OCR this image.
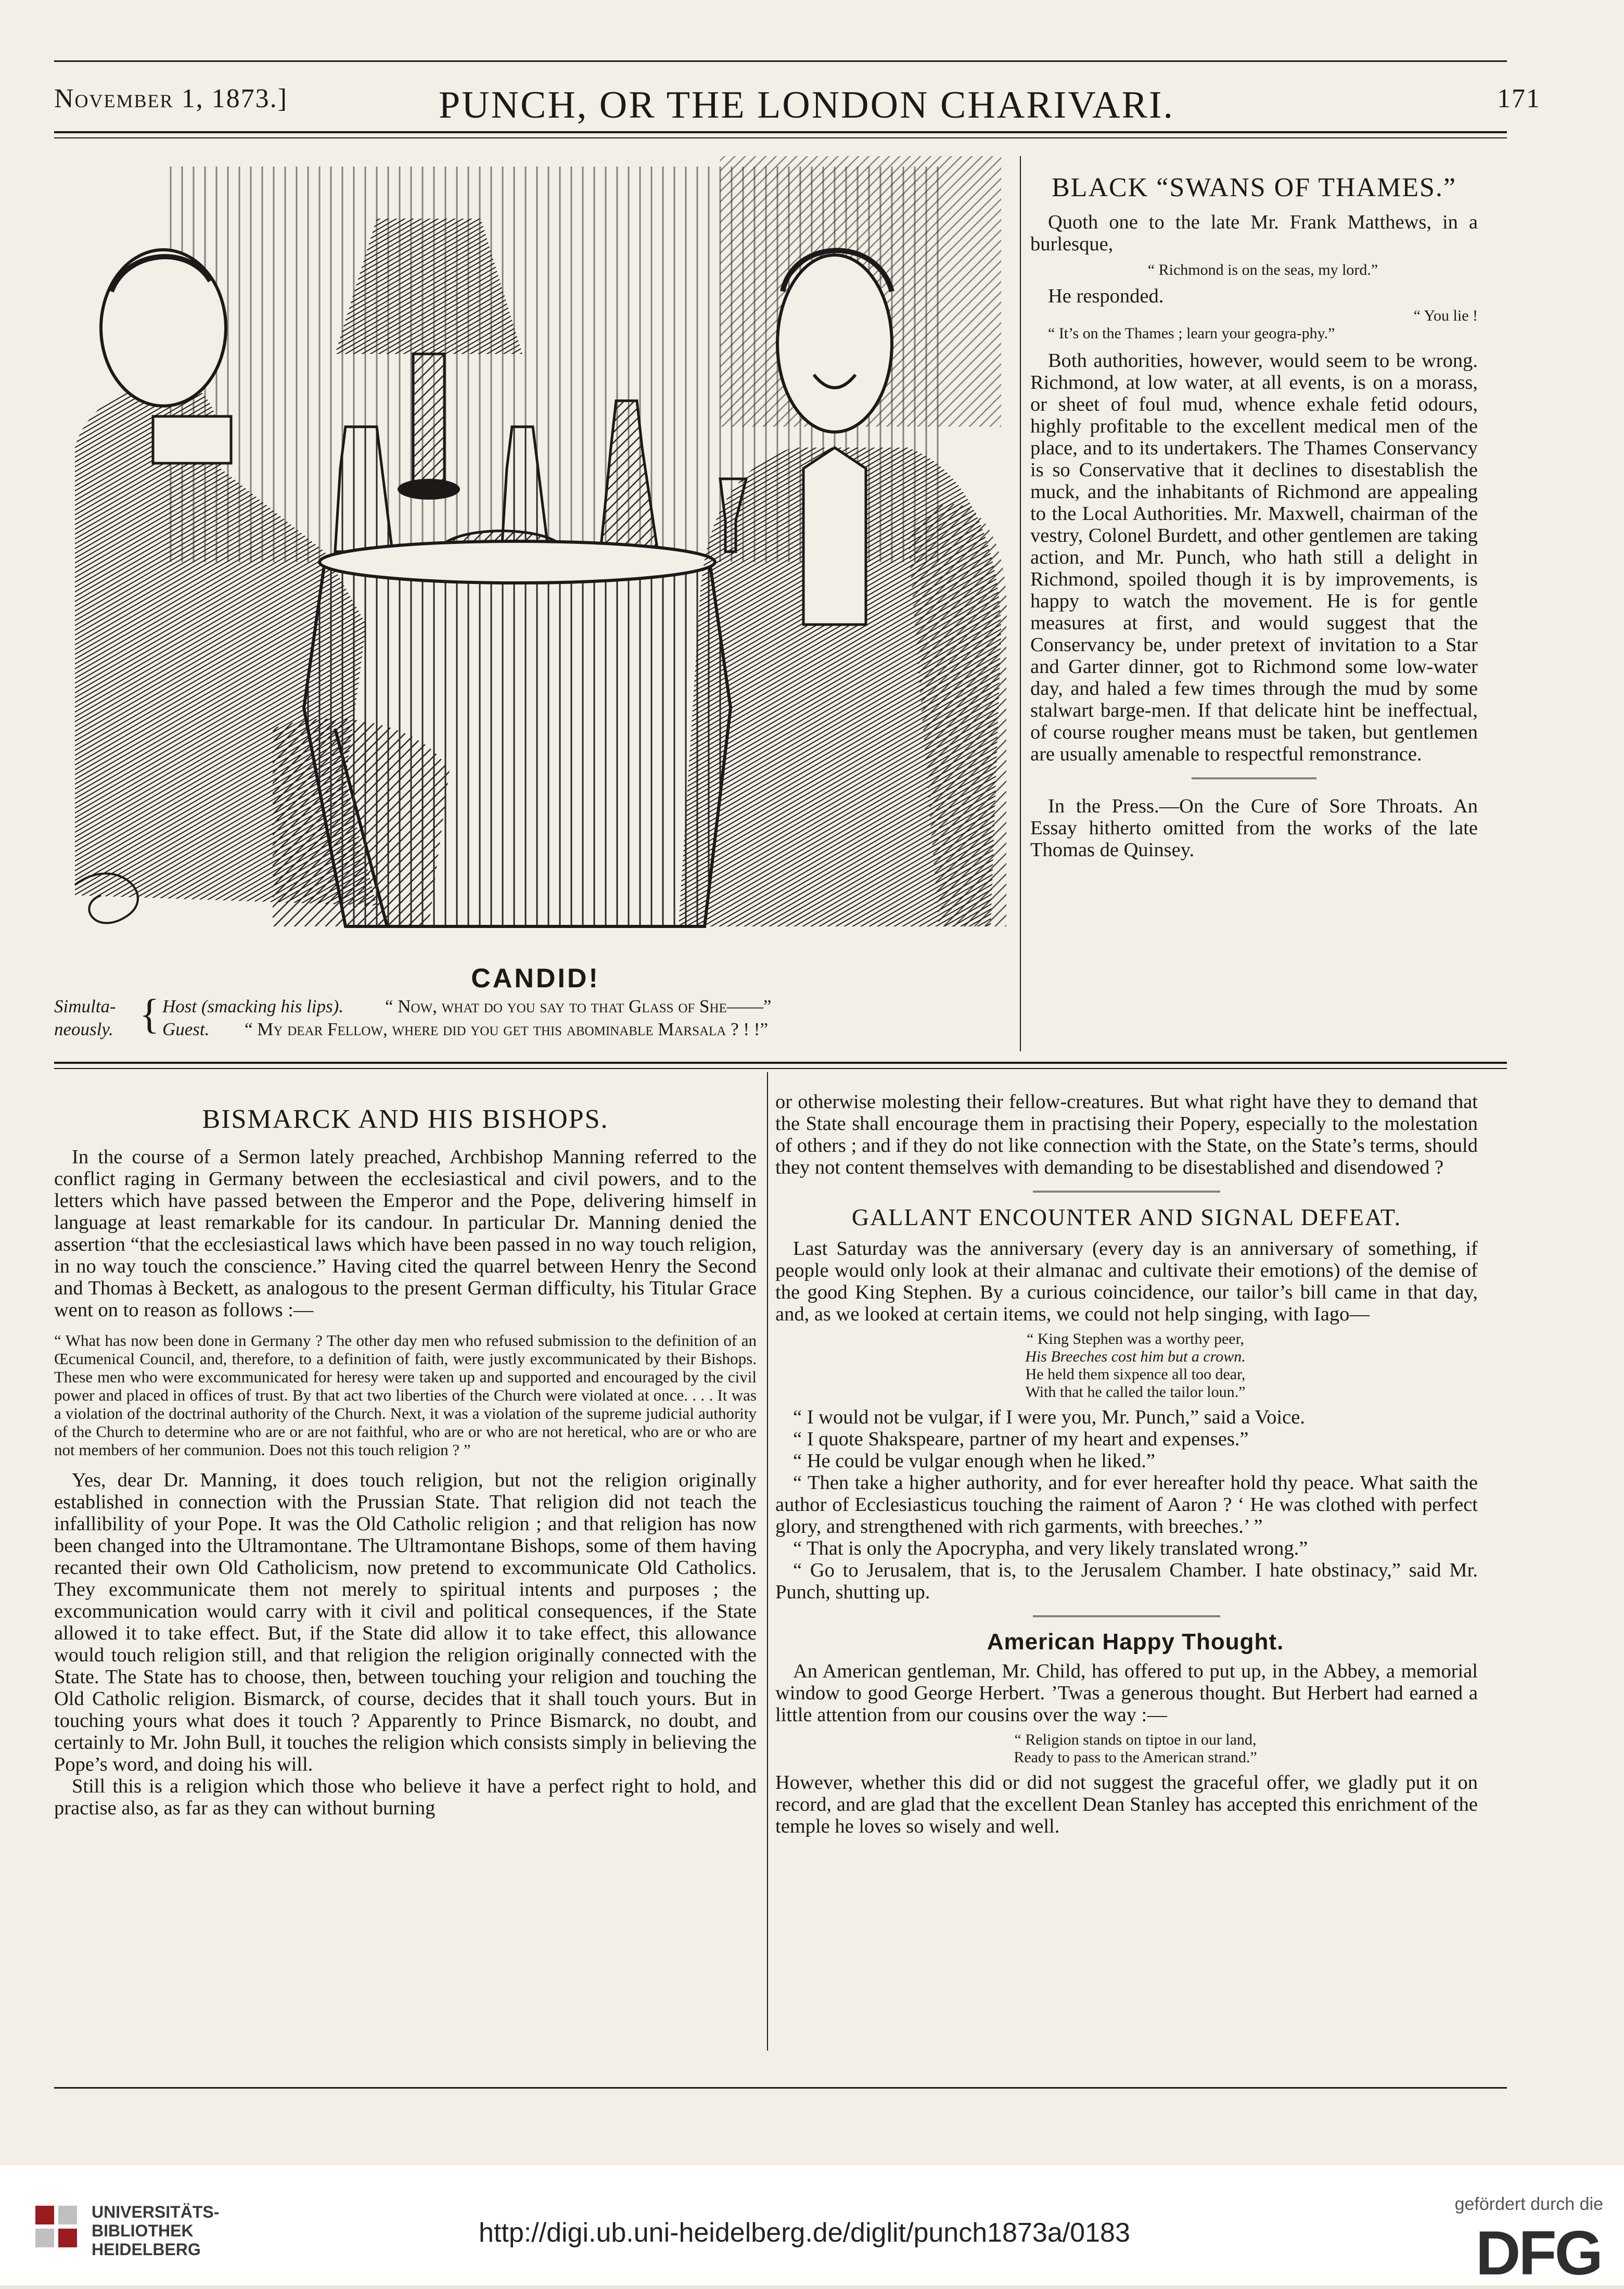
November 1, 1873.]	PUNCH, OR THE LONDON CHARIVARI.	171
CANDID!
Simulta-
neously. { Host (smacking his lips). “ Now, what do you say to that Glass of She——”
Guest. “ My dear Fellow, where did you get this abominable Marsala ? ! !”

BLACK “SWANS OF THAMES.”

Quoth one to the late Mr. Frank Matthews, in a burlesque,

“ Richmond is on the seas, my lord.”

He responded.

“ You lie !

“ It’s on the Thames ; learn your geogra-phy.”

Both authorities, however, would seem to be wrong. Richmond, at low water, at all events, is on a morass, or sheet of foul mud, whence exhale fetid odours, highly profitable to the excellent medical men of the place, and to its undertakers. The Thames Conservancy is so Conservative that it declines to disestablish the muck, and the inhabitants of Richmond are appealing to the Local Authorities. Mr. Maxwell, chairman of the vestry, Colonel Burdett, and other gentlemen are taking action, and Mr. Punch, who hath still a delight in Richmond, spoiled though it is by improvements, is happy to watch the movement. He is for gentle measures at first, and would suggest that the Conservancy be, under pretext of invitation to a Star and Garter dinner, got to Richmond some low-water day, and haled a few times through the mud by some stalwart barge-men. If that delicate hint be ineffectual, of course rougher means must be taken, but gentlemen are usually amenable to respectful remonstrance.

In the Press.—On the Cure of Sore Throats. An Essay hitherto omitted from the works of the late Thomas de Quinsey.

BISMARCK AND HIS BISHOPS.

In the course of a Sermon lately preached, Archbishop Manning referred to the conflict raging in Germany between the ecclesiastical and civil powers, and to the letters which have passed between the Emperor and the Pope, delivering himself in language at least remarkable for its candour. In particular Dr. Manning denied the assertion “that the ecclesiastical laws which have been passed in no way touch religion, in no way touch the conscience.” Having cited the quarrel between Henry the Second and Thomas à Beckett, as analogous to the present German difficulty, his Titular Grace went on to reason as follows :—

“ What has now been done in Germany ? The other day men who refused submission to the definition of an Œcumenical Council, and, therefore, to a definition of faith, were justly excommunicated by their Bishops. These men who were excommunicated for heresy were taken up and supported and encouraged by the civil power and placed in offices of trust. By that act two liberties of the Church were violated at once. . . . It was a violation of the doctrinal authority of the Church. Next, it was a violation of the supreme judicial authority of the Church to determine who are or are not faithful, who are or who are not heretical, who are or who are not members of her communion. Does not this touch religion ? ”

Yes, dear Dr. Manning, it does touch religion, but not the religion originally established in connection with the Prussian State. That religion did not teach the infallibility of your Pope. It was the Old Catholic religion ; and that religion has now been changed into the Ultramontane. The Ultramontane Bishops, some of them having recanted their own Old Catholicism, now pretend to excommunicate Old Catholics. They excommunicate them not merely to spiritual intents and purposes ; the excommunication would carry with it civil and political consequences, if the State allowed it to take effect. But, if the State did allow it to take effect, this allowance would touch religion still, and that religion the religion originally connected with the State. The State has to choose, then, between touching your religion and touching the Old Catholic religion. Bismarck, of course, decides that it shall touch yours. But in touching yours what does it touch ? Apparently to Prince Bismarck, no doubt, and certainly to Mr. John Bull, it touches the religion which consists simply in believing the Pope’s word, and doing his will.

Still this is a religion which those who believe it have a perfect right to hold, and practise also, as far as they can without burning

or otherwise molesting their fellow-creatures. But what right have they to demand that the State shall encourage them in practising their Popery, especially to the molestation of others ; and if they do not like connection with the State, on the State’s terms, should they not content themselves with demanding to be disestablished and disendowed ?

GALLANT ENCOUNTER AND SIGNAL DEFEAT.

Last Saturday was the anniversary (every day is an anniversary of something, if people would only look at their almanac and cultivate their emotions) of the demise of the good King Stephen. By a curious coincidence, our tailor’s bill came in that day, and, as we looked at certain items, we could not help singing, with Iago—

“ King Stephen was a worthy peer,

His Breeches cost him but a crown.

He held them sixpence all too dear,

With that he called the tailor loun.”

“ I would not be vulgar, if I were you, Mr. Punch,” said a Voice.

“ I quote Shakspeare, partner of my heart and expenses.”

“ He could be vulgar enough when he liked.”

“ Then take a higher authority, and for ever hereafter hold thy peace. What saith the author of Ecclesiasticus touching the raiment of Aaron ? ‘ He was clothed with perfect glory, and strengthened with rich garments, with breeches.’ ”

“ That is only the Apocrypha, and very likely translated wrong.”

“ Go to Jerusalem, that is, to the Jerusalem Chamber. I hate obstinacy,” said Mr. Punch, shutting up.

American Happy Thought.

An American gentleman, Mr. Child, has offered to put up, in the Abbey, a memorial window to good George Herbert. ’Twas a generous thought. But Herbert had earned a little attention from our cousins over the way :—

“ Religion stands on tiptoe in our land,

Ready to pass to the American strand.”

However, whether this did or did not suggest the graceful offer, we gladly put it on record, and are glad that the excellent Dean Stanley has accepted this enrichment of the temple he loves so wisely and well.

UNIVERSITÄTS-
BIBLIOTHEK
HEIDELBERG
http://digi.ub.uni-heidelberg.de/diglit/punch1873a/0183
gefördert durch die
DFG
